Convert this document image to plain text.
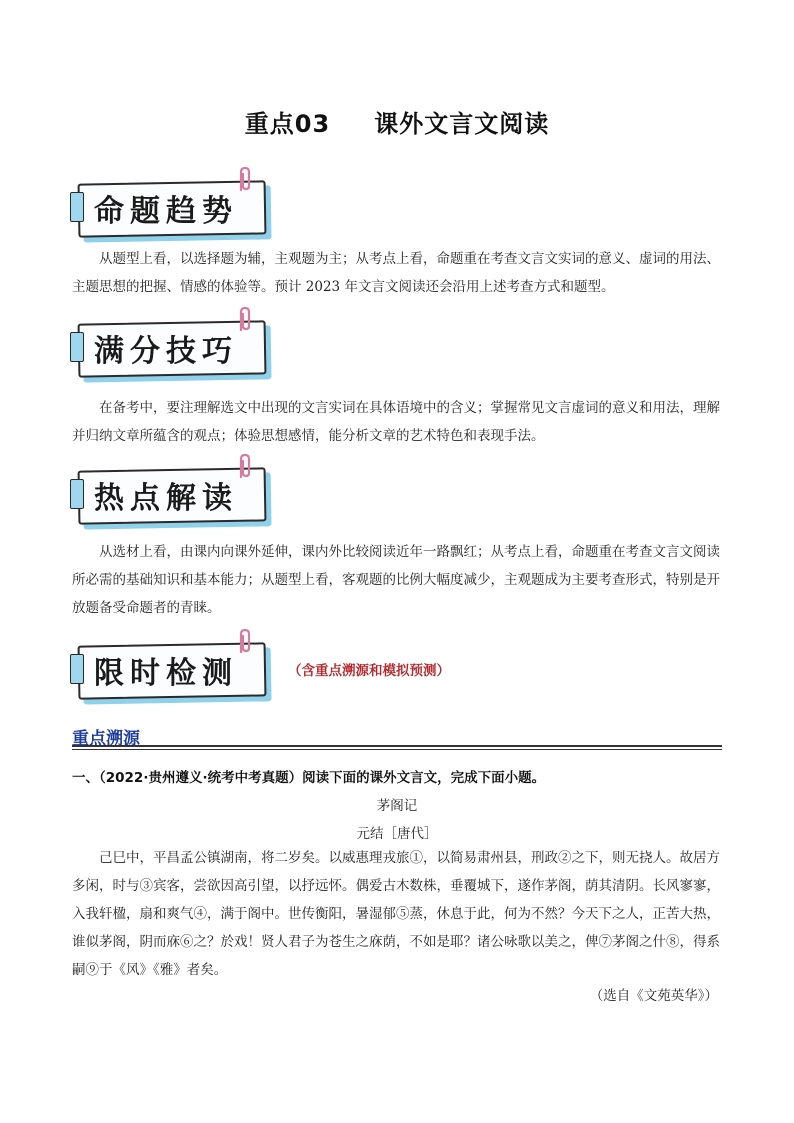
重点03 课外文言文阅读
命题趋势
从题型上看，以选择题为辅，主观题为主；从考点上看，命题重在考查文言文实词的意义、虚词的用法、主题思想的把握、情感的体验等。预计 2023 年文言文阅读还会沿用上述考查方式和题型。
满分技巧
在备考中，要注理解选文中出现的文言实词在具体语境中的含义；掌握常见文言虚词的意义和用法，理解并归纳文章所蕴含的观点；体验思想感情，能分析文章的艺术特色和表现手法。
热点解读
从选材上看，由课内向课外延伸，课内外比较阅读近年一路飘红；从考点上看，命题重在考查文言文阅读所必需的基础知识和基本能力；从题型上看，客观题的比例大幅度减少，主观题成为主要考查形式，特别是开放题备受命题者的青睐。
限时检测	（含重点溯源和模拟预测）
重点溯源
一、（2022·贵州遵义·统考中考真题）阅读下面的课外文言文，完成下面小题。
茅阁记
元结［唐代］
己巳中，平昌孟公镇湖南，将二岁矣。以威惠理戎旅①，以简易肃州县，刑政②之下，则无挠人。故居方多闲，时与③宾客，尝欲因高引望，以抒远怀。偶爱古木数株，垂覆城下，遂作茅阁，荫其清阴。长风寥寥，入我轩楹，扇和爽气④，满于阁中。世传衡阳，暑湿郁⑤蒸，休息于此，何为不然？今天下之人，正苦大热，谁似茅阁，阴而庥⑥之？於戏！贤人君子为苍生之庥荫，不如是耶？诸公咏歌以美之，俾⑦茅阁之什⑧，得系嗣⑨于《风》《雅》者矣。
（选自《文苑英华》）
